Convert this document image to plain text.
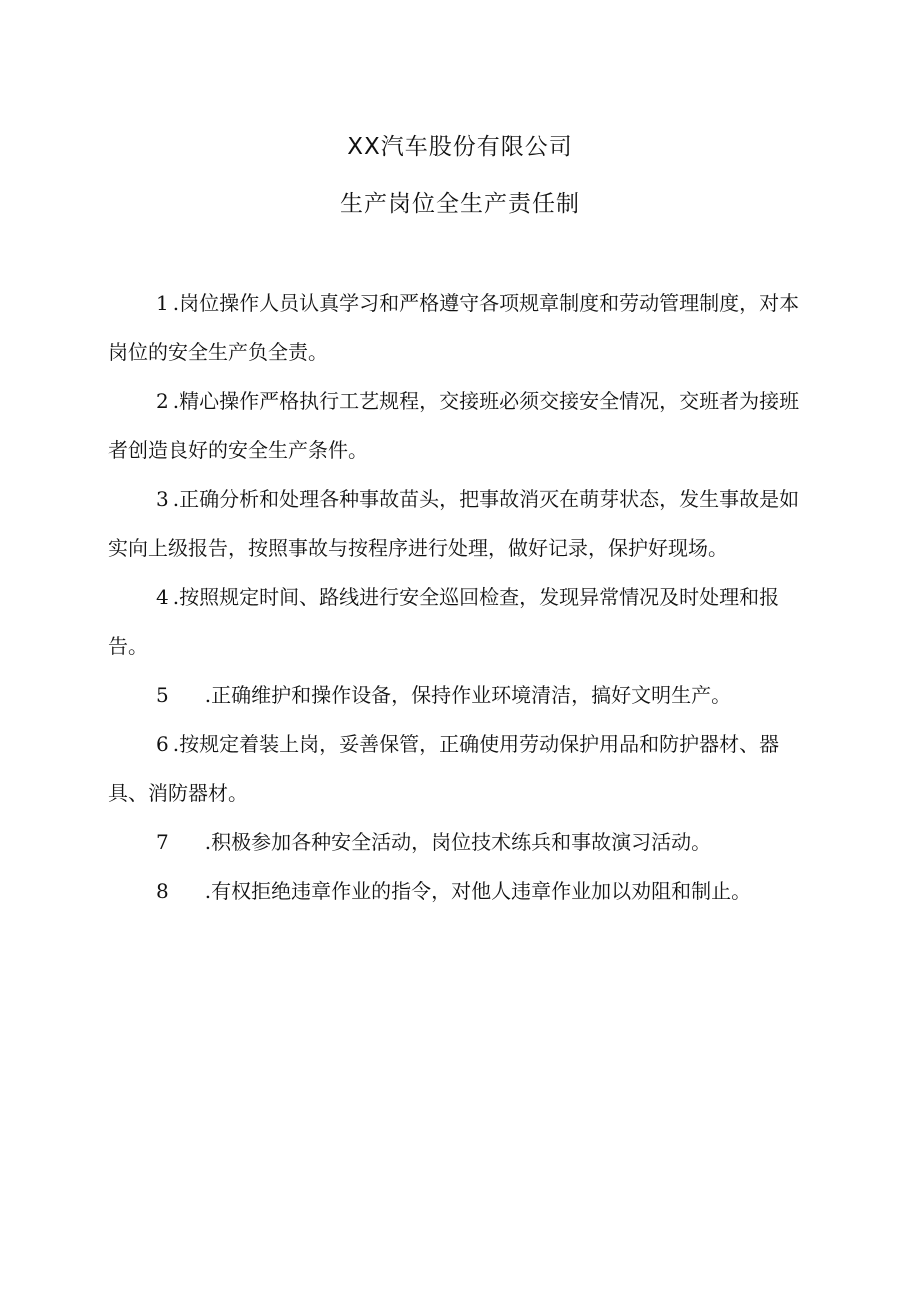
XX汽车股份有限公司
生产岗位全生产责任制

1 .岗位操作人员认真学习和严格遵守各项规章制度和劳动管理制度，对本岗位的安全生产负全责。

2 .精心操作严格执行工艺规程，交接班必须交接安全情况，交班者为接班者创造良好的安全生产条件。

3 .正确分析和处理各种事故苗头，把事故消灭在萌芽状态，发生事故是如实向上级报告，按照事故与按程序进行处理，做好记录，保护好现场。

4 .按照规定时间、路线进行安全巡回检查，发现异常情况及时处理和报告。

5 .正确维护和操作设备，保持作业环境清洁，搞好文明生产。

6 .按规定着装上岗，妥善保管，正确使用劳动保护用品和防护器材、器具、消防器材。

7 .积极参加各种安全活动，岗位技术练兵和事故演习活动。

8 .有权拒绝违章作业的指令，对他人违章作业加以劝阻和制止。
